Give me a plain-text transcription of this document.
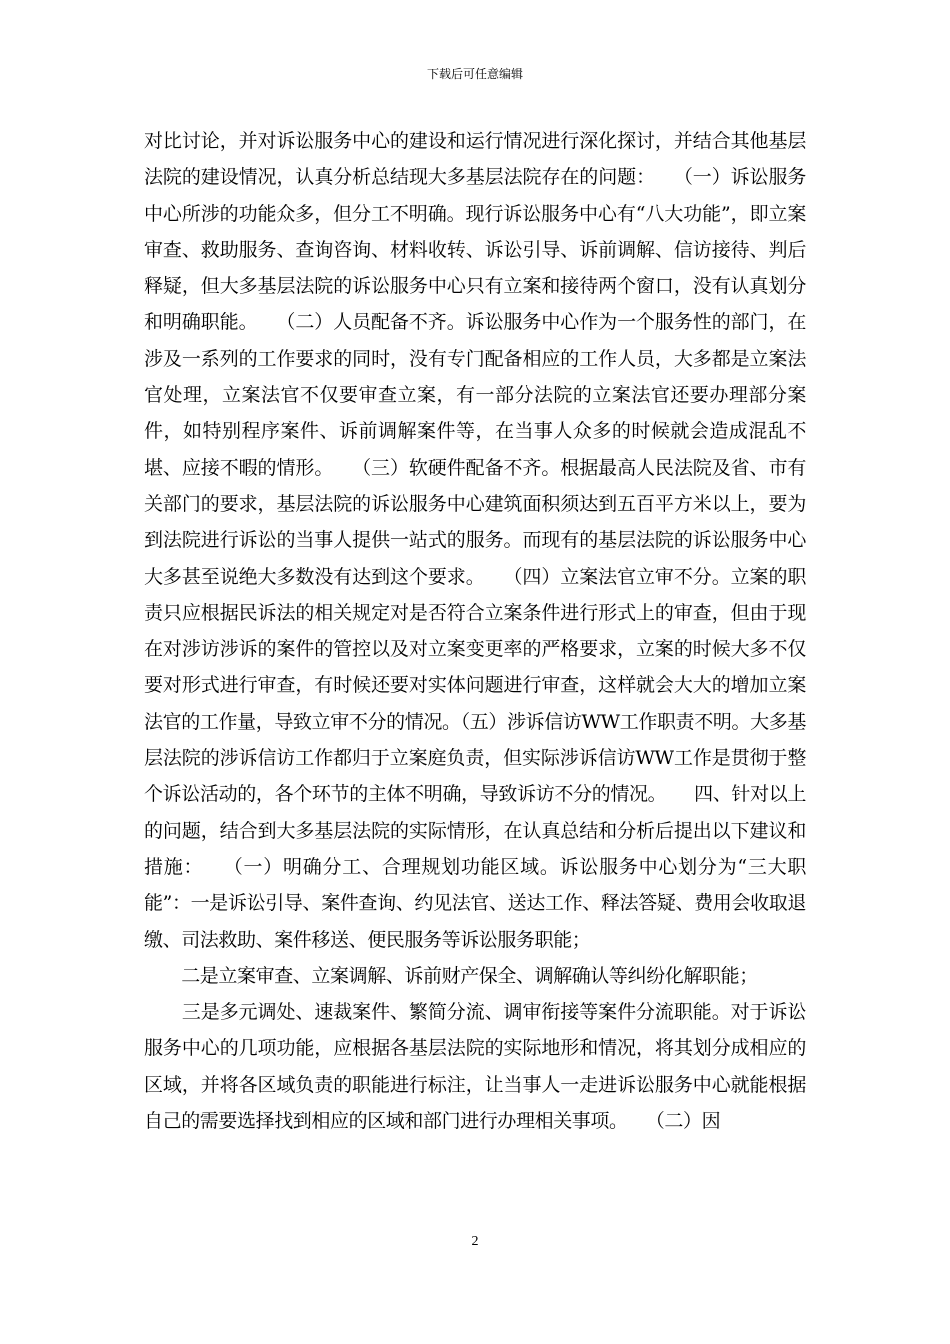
下载后可任意编辑

对比讨论，并对诉讼服务中心的建设和运行情况进行深化探讨，并结合其他基层法院的建设情况，认真分析总结现大多基层法院存在的问题：　　（一）诉讼服务中心所涉的功能众多，但分工不明确。现行诉讼服务中心有“八大功能”，即立案审查、救助服务、查询咨询、材料收转、诉讼引导、诉前调解、信访接待、判后释疑，但大多基层法院的诉讼服务中心只有立案和接待两个窗口，没有认真划分和明确职能。　　（二）人员配备不齐。诉讼服务中心作为一个服务性的部门，在涉及一系列的工作要求的同时，没有专门配备相应的工作人员，大多都是立案法官处理，立案法官不仅要审查立案，有一部分法院的立案法官还要办理部分案件，如特别程序案件、诉前调解案件等，在当事人众多的时候就会造成混乱不堪、应接不暇的情形。　　（三）软硬件配备不齐。根据最高人民法院及省、市有关部门的要求，基层法院的诉讼服务中心建筑面积须达到五百平方米以上，要为到法院进行诉讼的当事人提供一站式的服务。而现有的基层法院的诉讼服务中心大多甚至说绝大多数没有达到这个要求。　　（四）立案法官立审不分。立案的职责只应根据民诉法的相关规定对是否符合立案条件进行形式上的审查，但由于现在对涉访涉诉的案件的管控以及对立案变更率的严格要求，立案的时候大多不仅要对形式进行审查，有时候还要对实体问题进行审查，这样就会大大的增加立案法官的工作量，导致立审不分的情况。（五）涉诉信访WW工作职责不明。大多基层法院的涉诉信访工作都归于立案庭负责，但实际涉诉信访WW工作是贯彻于整个诉讼活动的，各个环节的主体不明确，导致诉访不分的情况。　　四、针对以上的问题，结合到大多基层法院的实际情形，在认真总结和分析后提出以下建议和措施：　　（一）明确分工、合理规划功能区域。诉讼服务中心划分为“三大职能”：一是诉讼引导、案件查询、约见法官、送达工作、释法答疑、费用会收取退缴、司法救助、案件移送、便民服务等诉讼服务职能；

　　二是立案审查、立案调解、诉前财产保全、调解确认等纠纷化解职能；

　　三是多元调处、速裁案件、繁简分流、调审衔接等案件分流职能。对于诉讼服务中心的几项功能，应根据各基层法院的实际地形和情况，将其划分成相应的区域，并将各区域负责的职能进行标注，让当事人一走进诉讼服务中心就能根据自己的需要选择找到相应的区域和部门进行办理相关事项。　　（二）因

2
